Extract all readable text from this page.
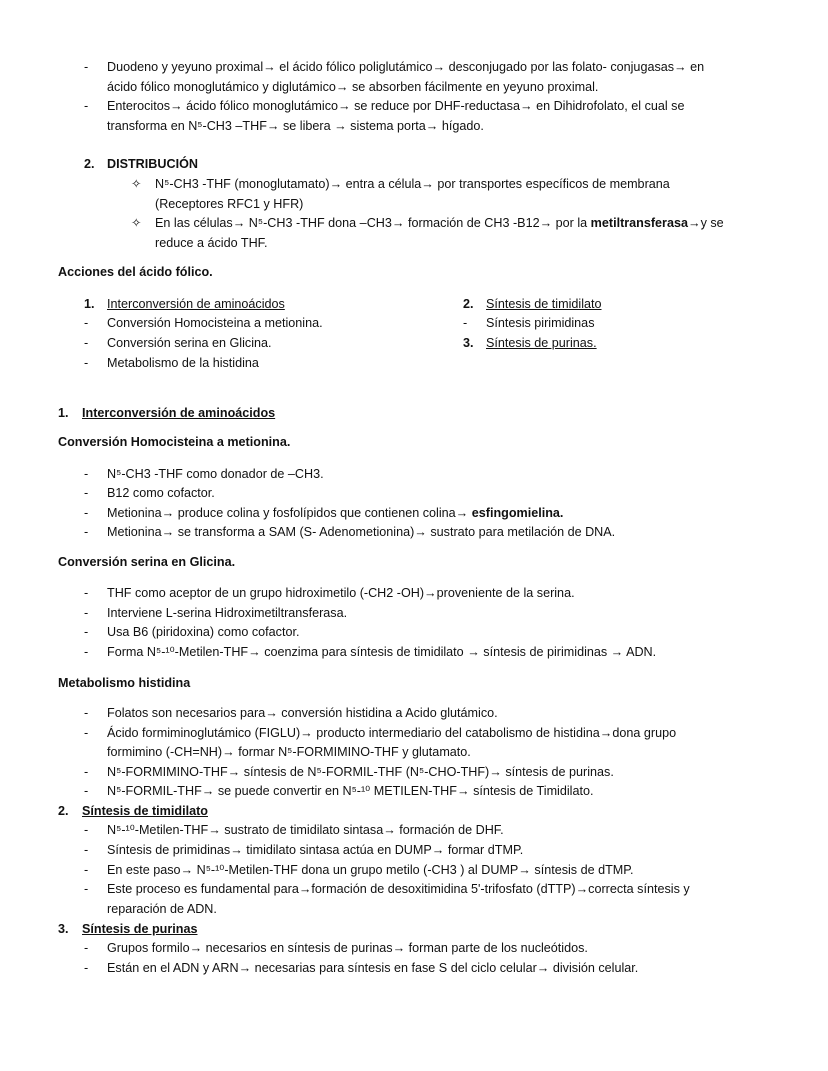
- Duodeno y yeyuno proximal→ el ácido fólico poliglutámico→ desconjugado por las folato- conjugasas→ en
ácido fólico monoglutámico y diglutámico→ se absorben fácilmente en yeyuno proximal.
- Enterocitos→ ácido fólico monoglutámico→ se reduce por DHF-reductasa→ en Dihidrofolato, el cual se
transforma en N⁵-CH3 –THF→ se libera → sistema porta→ hígado.
2. DISTRIBUCIÓN
✧ N⁵-CH3 -THF (monoglutamato)→ entra a célula→ por transportes específicos de membrana
(Receptores RFC1 y HFR)
✧ En las células→ N⁵-CH3 -THF dona –CH3→ formación de CH3 -B12→ por la metiltransferasa→y se
reduce a ácido THF.
Acciones del ácido fólico.
1. Interconversión de aminoácidos
- Conversión Homocisteina a metionina.
- Conversión serina en Glicina.
- Metabolismo de la histidina
2. Síntesis de timidilato
- Síntesis pirimidinas
3. Síntesis de purinas.
1. Interconversión de aminoácidos
Conversión Homocisteina a metionina.
- N⁵-CH3 -THF como donador de –CH3.
- B12 como cofactor.
- Metionina→ produce colina y fosfolípidos que contienen colina→ esfingomielina.
- Metionina→ se transforma a SAM (S- Adenometionina)→ sustrato para metilación de DNA.
Conversión serina en Glicina.
- THF como aceptor de un grupo hidroximetilo (-CH2 -OH)→proveniente de la serina.
- Interviene L-serina Hidroximetiltransferasa.
- Usa B6 (piridoxina) como cofactor.
- Forma N⁵-¹⁰-Metilen-THF→ coenzima para síntesis de timidilato → síntesis de pirimidinas → ADN.
Metabolismo histidina
- Folatos son necesarios para→ conversión histidina a Acido glutámico.
- Ácido formiminoglutámico (FIGLU)→ producto intermediario del catabolismo de histidina→dona grupo
formimino (-CH=NH)→ formar N⁵-FORMIMINO-THF y glutamato.
- N⁵-FORMIMINO-THF→ síntesis de N⁵-FORMIL-THF (N⁵-CHO-THF)→ síntesis de purinas.
- N⁵-FORMIL-THF→ se puede convertir en N⁵-¹⁰ METILEN-THF→ síntesis de Timidilato.
2. Síntesis de timidilato
- N⁵-¹⁰-Metilen-THF→ sustrato de timidilato sintasa→ formación de DHF.
- Síntesis de primidinas→ timidilato sintasa actúa en DUMP→ formar dTMP.
- En este paso→ N⁵-¹⁰-Metilen-THF dona un grupo metilo (-CH3 ) al DUMP→ síntesis de dTMP.
- Este proceso es fundamental para→formación de desoxitimidina 5'-trifosfato (dTTP)→correcta síntesis y
reparación de ADN.
3. Síntesis de purinas
- Grupos formilo→ necesarios en síntesis de purinas→ forman parte de los nucleótidos.
- Están en el ADN y ARN→ necesarias para síntesis en fase S del ciclo celular→ división celular.
